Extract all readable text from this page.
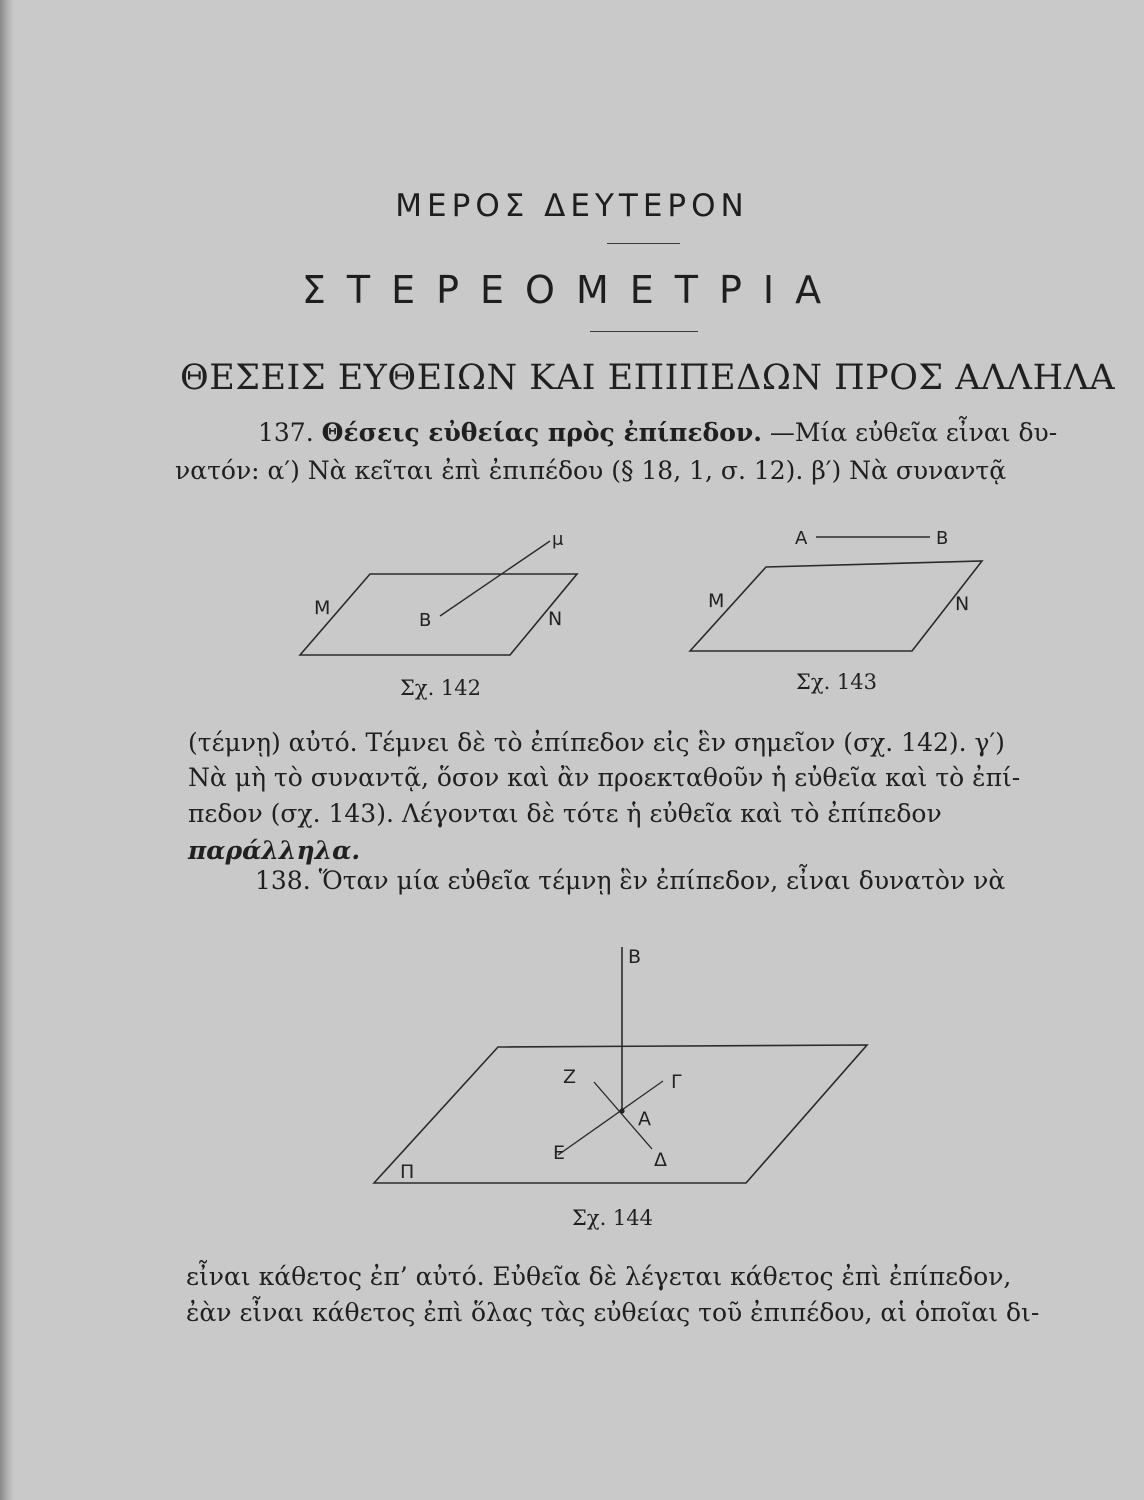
ΜΕΡΟΣ ΔΕΥΤΕΡΟΝ
ΣΤΕΡΕΟΜΕΤΡΙΑ
ΘΕΣΕΙΣ ΕΥΘΕΙΩΝ ΚΑΙ ΕΠΙΠΕΔΩΝ ΠΡΟΣ ΑΛΛΗΛΑ
137. Θέσεις εὐθείας πρὸς ἐπίπεδον. —Μία εὐθεῖα εἶναι δυ-
νατόν: α′) Νὰ κεῖται ἐπὶ ἐπιπέδου (§ 18, 1, σ. 12). β′) Νὰ συναντᾷ
μ
Μ
Β	Ν
Σχ. 142
Α	Β
Μ	Ν
Σχ. 143
(τέμνῃ) αὐτό. Τέμνει δὲ τὸ ἐπίπεδον εἰς ἓν σημεῖον (σχ. 142). γ′)
Νὰ μὴ τὸ συναντᾷ, ὅσον καὶ ἂν προεκταθοῦν ἡ εὐθεῖα καὶ τὸ ἐπί-
πεδον (σχ. 143). Λέγονται δὲ τότε ἡ εὐθεῖα καὶ τὸ ἐπίπεδον
παράλληλα.
138. Ὅταν μία εὐθεῖα τέμνῃ ἓν ἐπίπεδον, εἶναι δυνατὸν νὰ
Β
Ζ	Γ
Α
Ε	Δ
Π
Σχ. 144
εἶναι κάθετος ἐπ’ αὐτό. Εὐθεῖα δὲ λέγεται κάθετος ἐπὶ ἐπίπεδον,
ἐὰν εἶναι κάθετος ἐπὶ ὅλας τὰς εὐθείας τοῦ ἐπιπέδου, αἱ ὁποῖαι δι-
